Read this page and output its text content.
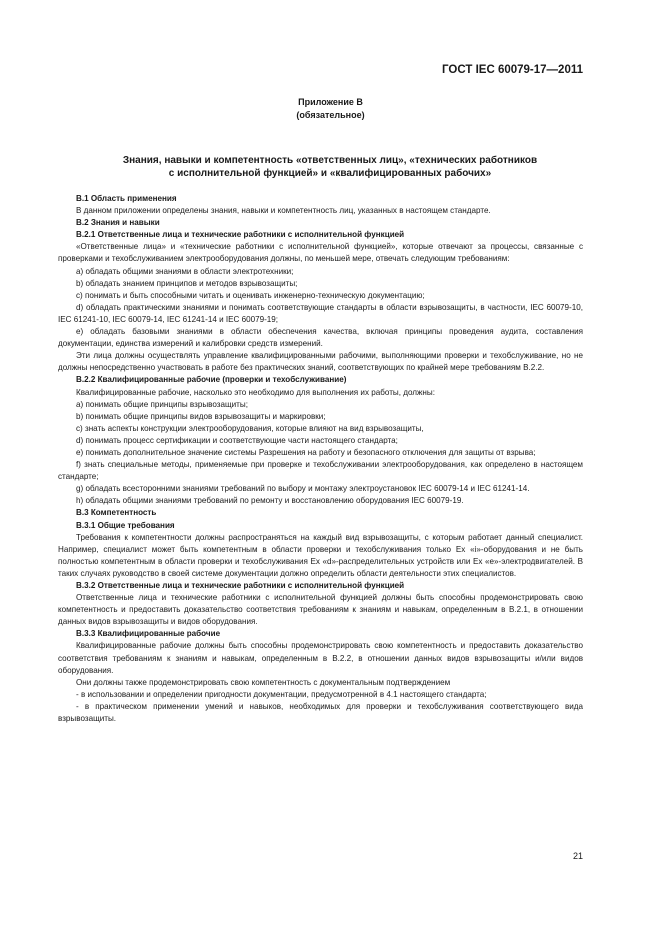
ГОСТ IEC 60079-17—2011
Приложение В
(обязательное)
Знания, навыки и компетентность «ответственных лиц», «технических работников
с исполнительной функцией» и «квалифицированных рабочих»

В.1 Область применения

В данном приложении определены знания, навыки и компетентность лиц, указанных в настоящем стандарте.

В.2 Знания и навыки

В.2.1 Ответственные лица и технические работники с исполнительной функцией

«Ответственные лица» и «технические работники с исполнительной функцией», которые отвечают за процессы, связанные с проверками и техобслуживанием электрооборудования должны, по меньшей мере, отвечать следующим требованиям:

a) обладать общими знаниями в области электротехники;

b) обладать знанием принципов и методов взрывозащиты;

c) понимать и быть способными читать и оценивать инженерно-техническую документацию;

d) обладать практическими знаниями и понимать соответствующие стандарты в области взрывозащиты, в частности, IEC 60079-10, IEC 61241-10, IEC 60079-14, IEC 61241-14 и IEC 60079-19;

e) обладать базовыми знаниями в области обеспечения качества, включая принципы проведения аудита, составления документации, единства измерений и калибровки средств измерений.

Эти лица должны осуществлять управление квалифицированными рабочими, выполняющими проверки и техобслуживание, но не должны непосредственно участвовать в работе без практических знаний, соответствующих по крайней мере требованиям В.2.2.

В.2.2 Квалифицированные рабочие (проверки и техобслуживание)

Квалифицированные рабочие, насколько это необходимо для выполнения их работы, должны:

a) понимать общие принципы взрывозащиты;

b) понимать общие принципы видов взрывозащиты и маркировки;

c) знать аспекты конструкции электрооборудования, которые влияют на вид взрывозащиты,

d) понимать процесс сертификации и соответствующие части настоящего стандарта;

e) понимать дополнительное значение системы Разрешения на работу и безопасного отключения для защиты от взрыва;

f) знать специальные методы, применяемые при проверке и техобслуживании электрооборудования, как определено в настоящем стандарте;

g) обладать всесторонними знаниями требований по выбору и монтажу электроустановок IEC 60079-14 и IEC 61241-14.

h) обладать общими знаниями требований по ремонту и восстановлению оборудования IEC 60079-19.

В.3 Компетентность

В.3.1 Общие требования

Требования к компетентности должны распространяться на каждый вид взрывозащиты, с которым работает данный специалист. Например, специалист может быть компетентным в области проверки и техобслуживания только Ex «i»-оборудования и не быть полностью компетентным в области проверки и техобслуживания Ex «d»-распределительных устройств или Ex «e»-электродвигателей. В таких случаях руководство в своей системе документации должно определить области деятельности этих специалистов.

В.3.2 Ответственные лица и технические работники с исполнительной функцией

Ответственные лица и технические работники с исполнительной функцией должны быть способны продемонстрировать свою компетентность и предоставить доказательство соответствия требованиям к знаниям и навыкам, определенным в В.2.1, в отношении данных видов взрывозащиты и видов оборудования.

В.3.3 Квалифицированные рабочие

Квалифицированные рабочие должны быть способны продемонстрировать свою компетентность и предоставить доказательство соответствия требованиям к знаниям и навыкам, определенным в В.2.2, в отношении данных видов взрывозащиты и/или видов оборудования.

Они должны также продемонстрировать свою компетентность с документальным подтверждением

- в использовании и определении пригодности документации, предусмотренной в 4.1 настоящего стандарта;

- в практическом применении умений и навыков, необходимых для проверки и техобслуживания соответствующего вида взрывозащиты.

21
